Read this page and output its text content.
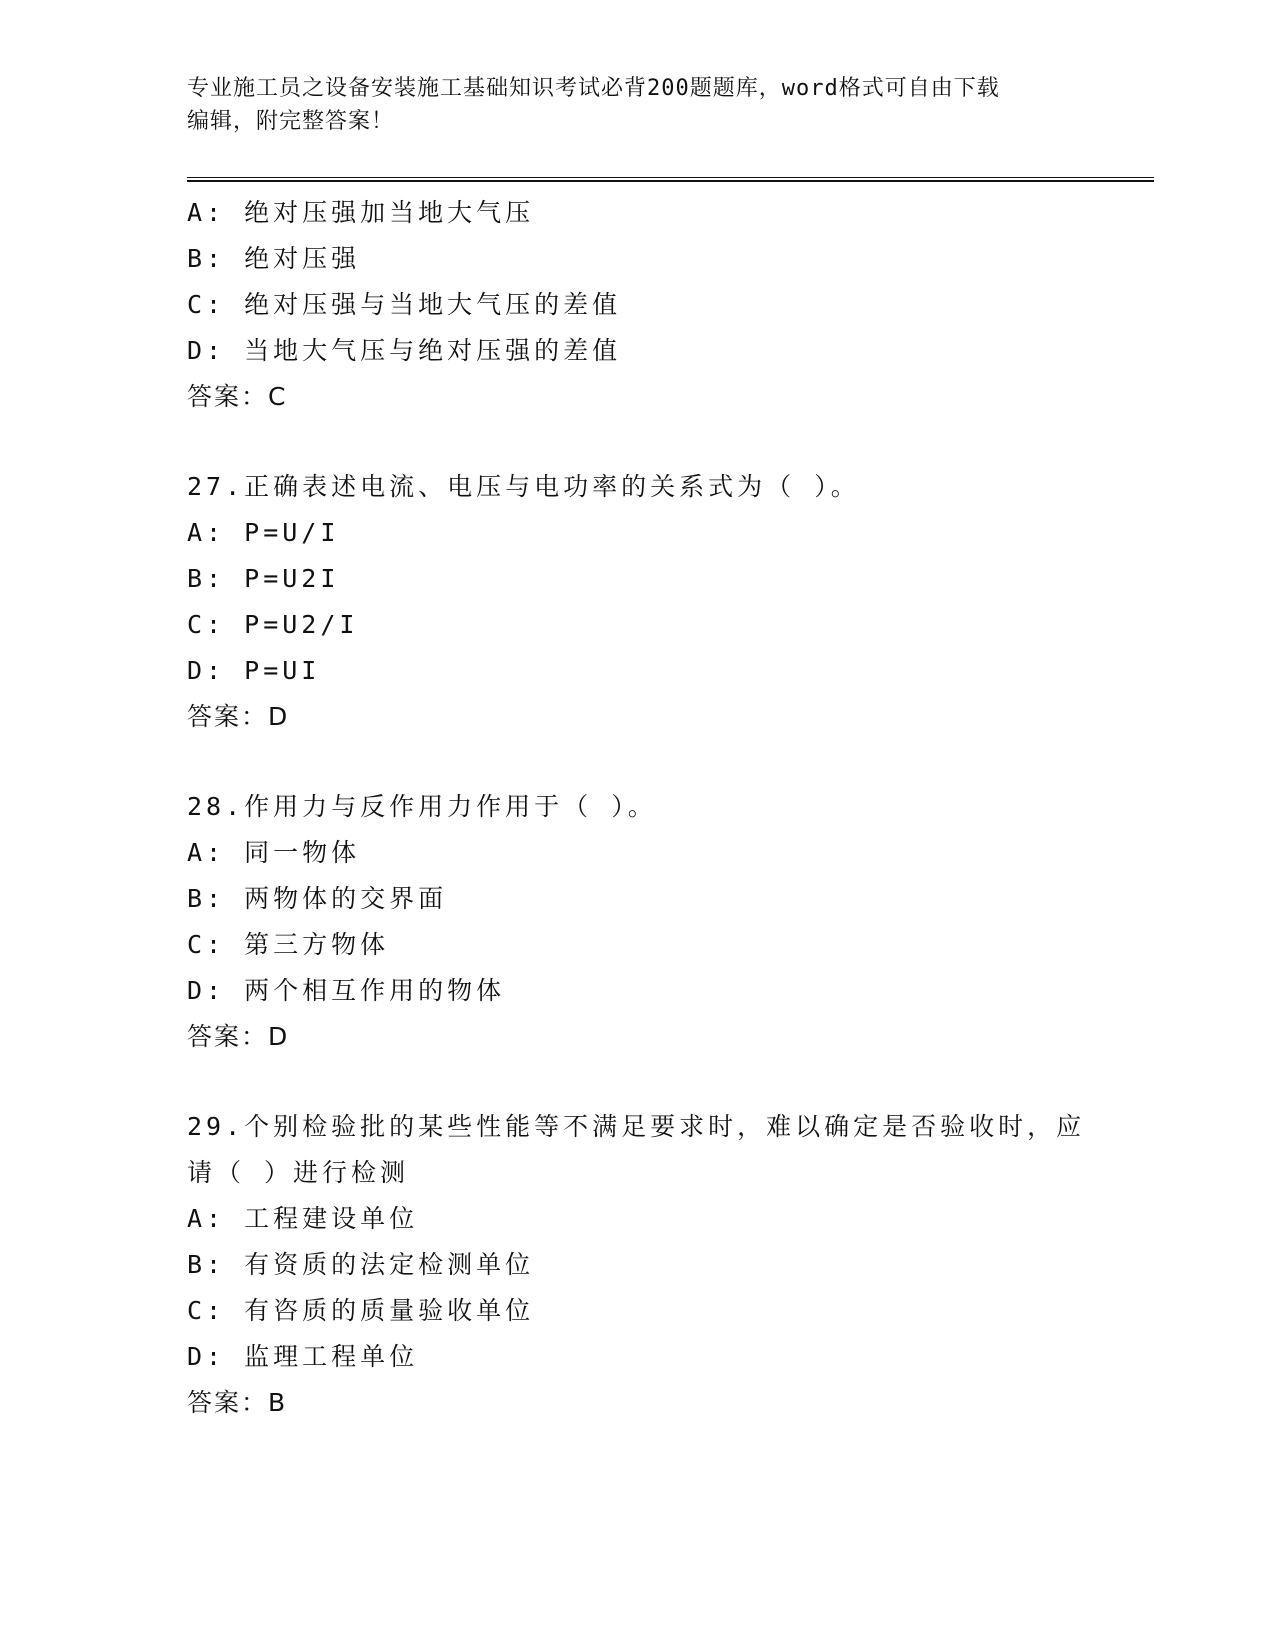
专业施工员之设备安装施工基础知识考试必背200题题库，word格式可自由下载
编辑，附完整答案！
A: 绝对压强加当地大气压
B: 绝对压强
C: 绝对压强与当地大气压的差值
D: 当地大气压与绝对压强的差值
答案：C
27.正确表述电流、电压与电功率的关系式为（ ）。
A: P=U/I
B: P=U2I
C: P=U2/I
D: P=UI
答案：D
28.作用力与反作用力作用于（ ）。
A: 同一物体
B: 两物体的交界面
C: 第三方物体
D: 两个相互作用的物体
答案：D
29.个别检验批的某些性能等不满足要求时，难以确定是否验收时，应请（ ）进行检测
A: 工程建设单位
B: 有资质的法定检测单位
C: 有咨质的质量验收单位
D: 监理工程单位
答案：B
